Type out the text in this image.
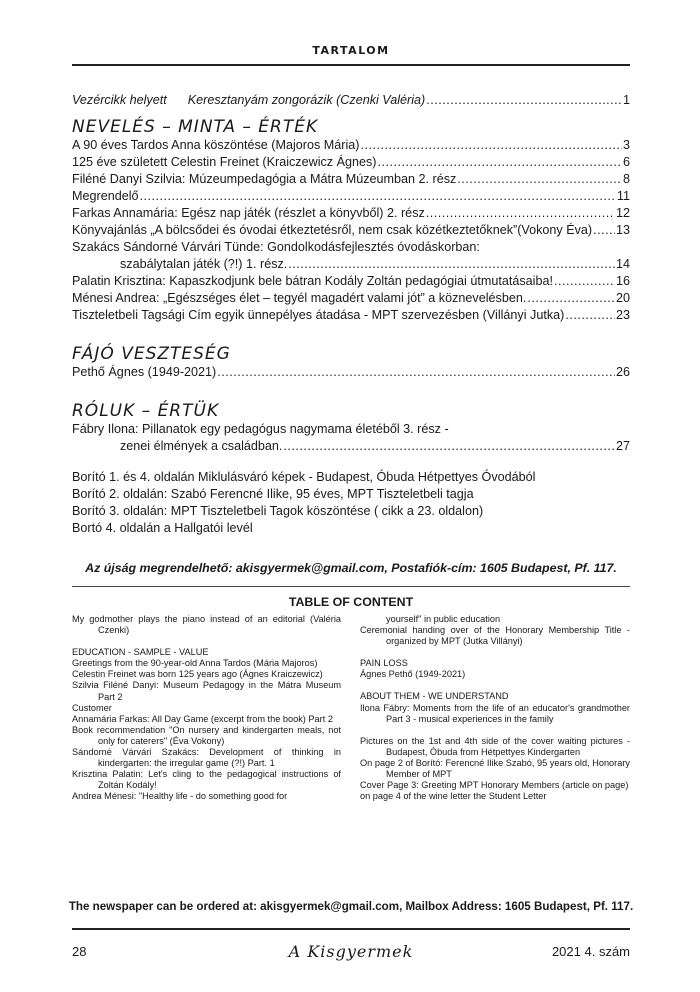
TARTALOM
Vezércikk helyett      Keresztanyám zongorázik (Czenki Valéria) .....	1
NEVELÉS – MINTA – ÉRTÉK
A 90 éves Tardos Anna köszöntése (Majoros Mária) .....	3
125 éve született Celestin Freinet (Kraiczewicz Ágnes) .....	6
Filéné Danyi Szilvia: Múzeumpedagógia a Mátra Múzeumban 2. rész .....	8
Megrendelő .....	11
Farkas Annamária: Egész nap játék (részlet a könyvből) 2. rész .....	12
Könyvajánlás „A bölcsődei és óvodai étkeztetésről, nem csak közétkeztetőknek”(Vokony Éva) ..... 13
Szakács Sándorné Várvári Tünde: Gondolkodásfejlesztés óvodáskorban:
szabálytalan játék (?!) 1. rész. .....	14
Palatin Krisztina: Kapaszkodjunk bele bátran Kodály Zoltán pedagógiai útmutatásaiba! .....	16
Ménesi Andrea: „Egészséges élet – tegyél magadért valami jót” a köznevelésben. .....	20
Tiszteletbeli Tagsági Cím egyik ünnepélyes átadása - MPT szervezésben (Villányi Jutka) .....	23
FÁJÓ VESZTESÉG
Pethő Ágnes (1949-2021) .....	26
RÓLUK – ÉRTÜK
Fábry Ilona: Pillanatok egy pedagógus nagymama életéből 3. rész -
zenei élmények a családban. .....	27
Borító 1. és 4. oldalán Miklulásváró képek - Budapest, Óbuda Hétpettyes Óvodából
Borító 2. oldalán: Szabó Ferencné Ilike, 95 éves, MPT Tiszteletbeli tagja
Borító 3. oldalán: MPT Tiszteletbeli Tagok köszöntése ( cikk a 23. oldalon)
Bortó 4. oldalán a Hallgatói levél
Az újság megrendelhető: akisgyermek@gmail.com, Postafiók-cím: 1605 Budapest, Pf. 117.
TABLE OF CONTENT
My godmother plays the piano instead of an editorial (Valéria Czenki)
EDUCATION - SAMPLE - VALUE
Greetings from the 90-year-old Anna Tardos (Mária Majoros)
Celestin Freinet was born 125 years ago (Ágnes Kraiczewicz)
Szilvia Filéné Danyi: Museum Pedagogy in the Mátra Museum Part 2
Customer
Annamária Farkas: All Day Game (excerpt from the book) Part 2
Book recommendation "On nursery and kindergarten meals, not only for caterers" (Éva Vokony)
Sándorné Várvári Szakács: Development of thinking in kindergarten: the irregular game (?!) Part. 1
Krisztina Palatin: Let's cling to the pedagogical instructions of Zoltán Kodály!
Andrea Ménesi: "Healthy life - do something good for
yourself" in public education
Ceremonial handing over of the Honorary Membership Title - organized by MPT (Jutka Villányi)
PAIN LOSS
Ágnes Pethő (1949-2021)
ABOUT THEM - WE UNDERSTAND
Ilona Fábry: Moments from the life of an educator's grandmother Part 3 - musical experiences in the family
Pictures on the 1st and 4th side of the cover waiting pictures - Budapest, Óbuda from Hétpettyes Kindergarten
On page 2 of Borító: Ferencné Ilike Szabó, 95 years old, Honorary Member of MPT
Cover Page 3: Greeting MPT Honorary Members (article on page)
on page 4 of the wine letter the Student Letter
The newspaper can be ordered at: akisgyermek@gmail.com, Mailbox Address: 1605 Budapest, Pf. 117.
28	A Kisgyermek	2021 4. szám
